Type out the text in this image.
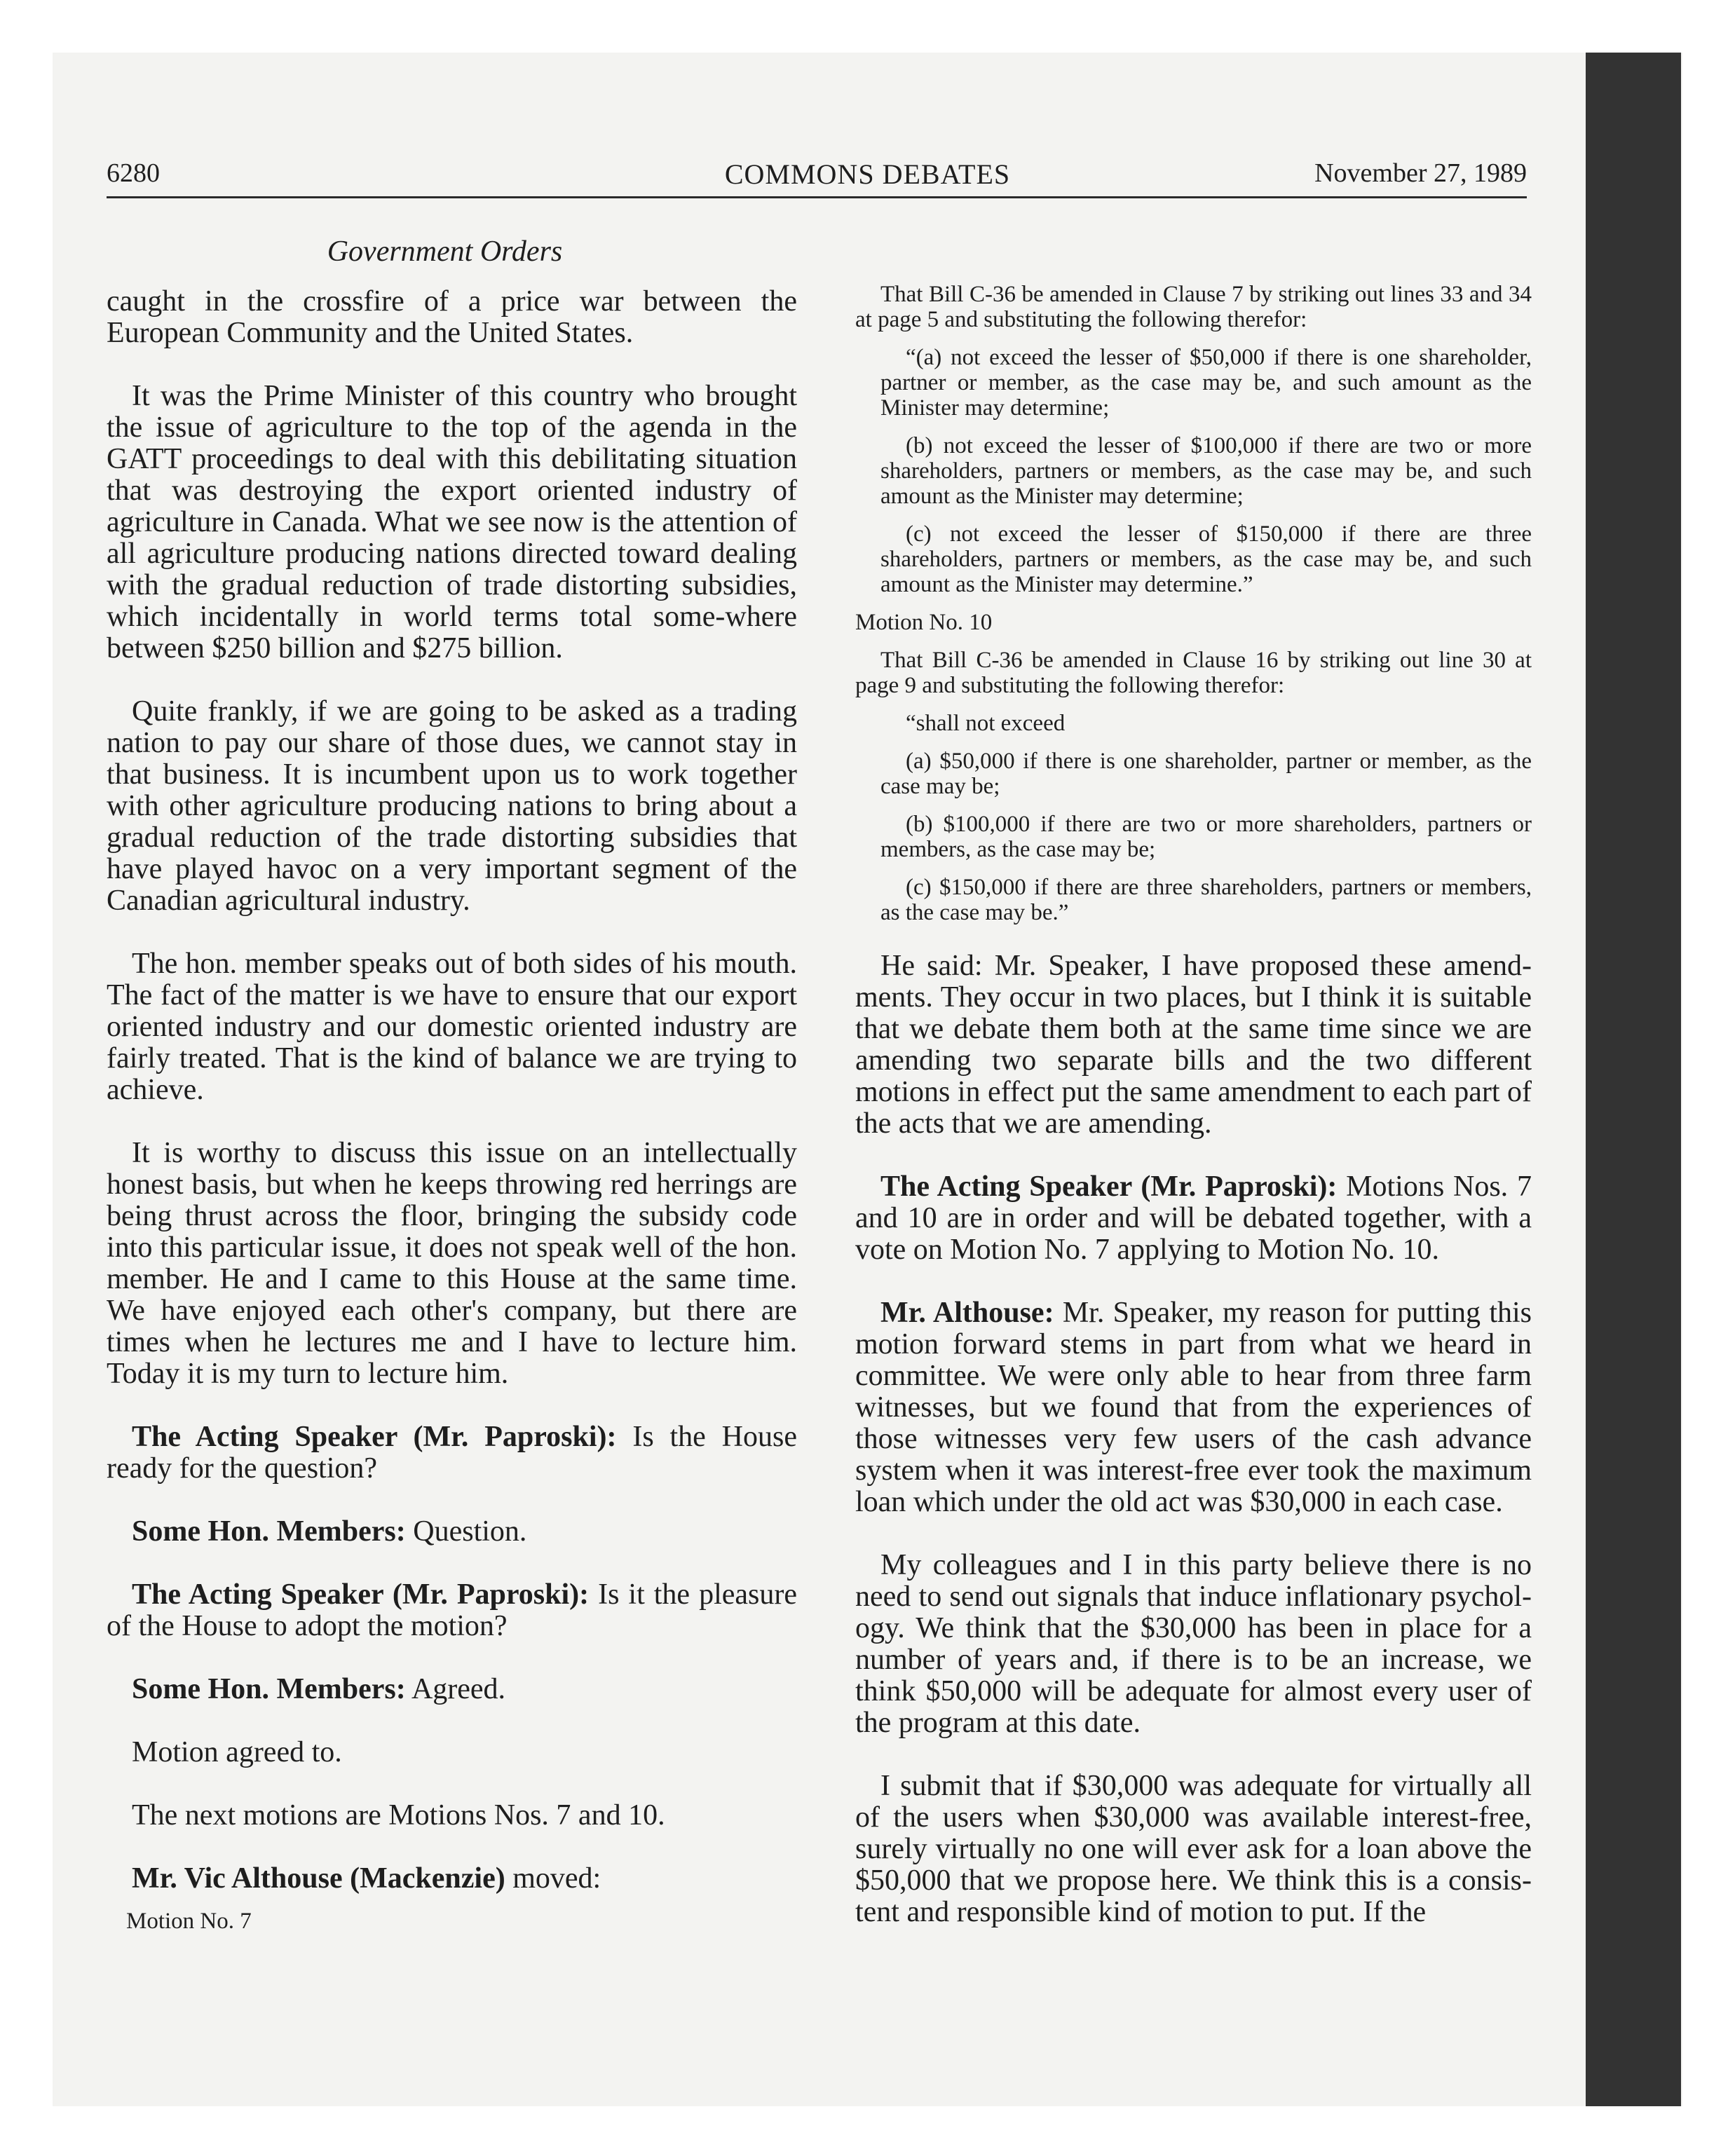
6280	COMMONS DEBATES	November 27, 1989
Government Orders

caught in the crossfire of a price war between the European Community and the United States.

It was the Prime Minister of this country who brought the issue of agriculture to the top of the agenda in the GATT proceedings to deal with this debilitating situation that was destroying the export oriented industry of agriculture in Canada. What we see now is the attention of all agriculture producing nations directed toward dealing with the gradual reduction of trade distorting subsidies, which incidentally in world terms total some-where between $250 billion and $275 billion.

Quite frankly, if we are going to be asked as a trading nation to pay our share of those dues, we cannot stay in that business. It is incumbent upon us to work together with other agriculture producing nations to bring about a gradual reduction of the trade distorting subsidies that have played havoc on a very important segment of the Canadian agricultural industry.

The hon. member speaks out of both sides of his mouth. The fact of the matter is we have to ensure that our export oriented industry and our domestic oriented industry are fairly treated. That is the kind of balance we are trying to achieve.

It is worthy to discuss this issue on an intellectually honest basis, but when he keeps throwing red herrings are being thrust across the floor, bringing the subsidy code into this particular issue, it does not speak well of the hon. member. He and I came to this House at the same time. We have enjoyed each other's company, but there are times when he lectures me and I have to lecture him. Today it is my turn to lecture him.

The Acting Speaker (Mr. Paproski): Is the House ready for the question?

Some Hon. Members: Question.

The Acting Speaker (Mr. Paproski): Is it the pleasure of the House to adopt the motion?

Some Hon. Members: Agreed.

Motion agreed to.

The next motions are Motions Nos. 7 and 10.

Mr. Vic Althouse (Mackenzie) moved:

Motion No. 7

That Bill C-36 be amended in Clause 7 by striking out lines 33 and 34 at page 5 and substituting the following therefor:

“(a) not exceed the lesser of $50,000 if there is one shareholder, partner or member, as the case may be, and such amount as the Minister may determine;

(b) not exceed the lesser of $100,000 if there are two or more shareholders, partners or members, as the case may be, and such amount as the Minister may determine;

(c) not exceed the lesser of $150,000 if there are three shareholders, partners or members, as the case may be, and such amount as the Minister may determine.”

Motion No. 10

That Bill C-36 be amended in Clause 16 by striking out line 30 at page 9 and substituting the following therefor:

“shall not exceed

(a) $50,000 if there is one shareholder, partner or member, as the case may be;

(b) $100,000 if there are two or more shareholders, partners or members, as the case may be;

(c) $150,000 if there are three shareholders, partners or members, as the case may be.”

He said: Mr. Speaker, I have proposed these amend-ments. They occur in two places, but I think it is suitable that we debate them both at the same time since we are amending two separate bills and the two different motions in effect put the same amendment to each part of the acts that we are amending.

The Acting Speaker (Mr. Paproski): Motions Nos. 7 and 10 are in order and will be debated together, with a vote on Motion No. 7 applying to Motion No. 10.

Mr. Althouse: Mr. Speaker, my reason for putting this motion forward stems in part from what we heard in committee. We were only able to hear from three farm witnesses, but we found that from the experiences of those witnesses very few users of the cash advance system when it was interest-free ever took the maximum loan which under the old act was $30,000 in each case.

My colleagues and I in this party believe there is no need to send out signals that induce inflationary psychol-ogy. We think that the $30,000 has been in place for a number of years and, if there is to be an increase, we think $50,000 will be adequate for almost every user of the program at this date.

I submit that if $30,000 was adequate for virtually all of the users when $30,000 was available interest-free, surely virtually no one will ever ask for a loan above the $50,000 that we propose here. We think this is a consis-tent and responsible kind of motion to put. If the
